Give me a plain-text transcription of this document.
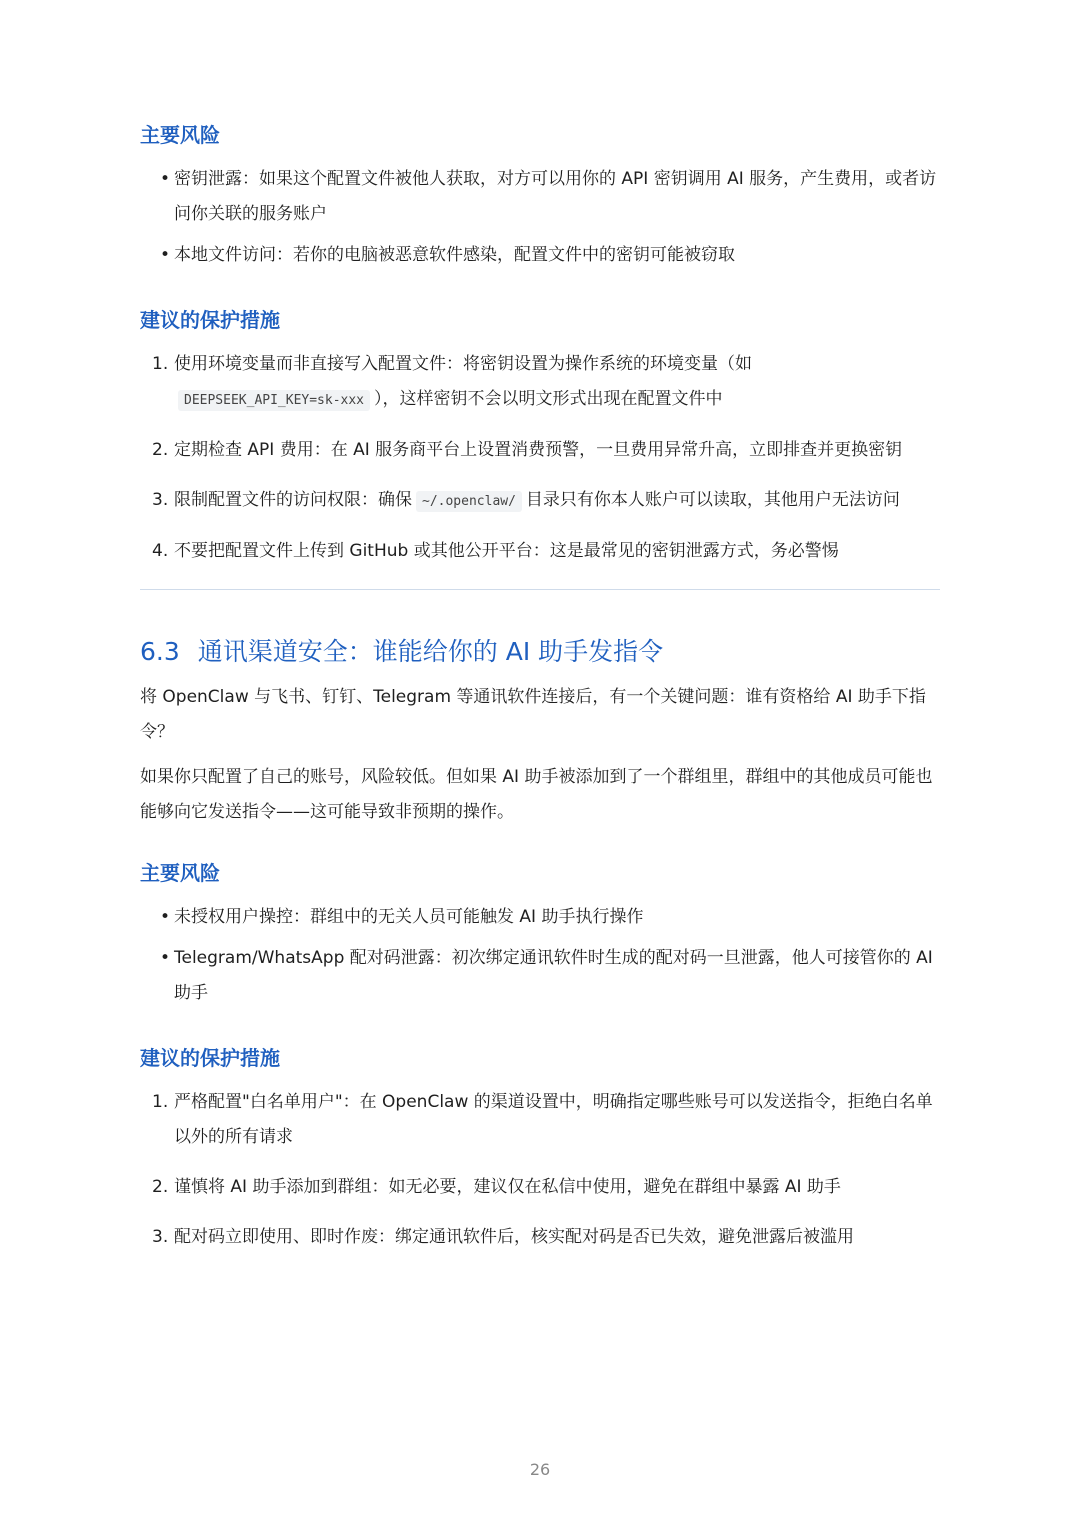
主要风险
• 密钥泄露：如果这个配置文件被他人获取，对方可以用你的 API 密钥调用 AI 服务，产生费用，或者访问你关联的服务账户
• 本地文件访问：若你的电脑被恶意软件感染，配置文件中的密钥可能被窃取
建议的保护措施
1. 使用环境变量而非直接写入配置文件：将密钥设置为操作系统的环境变量（如
DEEPSEEK_API_KEY=sk-xxx ），这样密钥不会以明文形式出现在配置文件中
2. 定期检查 API 费用：在 AI 服务商平台上设置消费预警，一旦费用异常升高，立即排查并更换密钥
3. 限制配置文件的访问权限：确保 ~/.openclaw/ 目录只有你本人账户可以读取，其他用户无法访问
4. 不要把配置文件上传到 GitHub 或其他公开平台：这是最常见的密钥泄露方式，务必警惕
6.3 通讯渠道安全：谁能给你的 AI 助手发指令

将 OpenClaw 与飞书、钉钉、Telegram 等通讯软件连接后，有一个关键问题：谁有资格给 AI 助手下指令？

如果你只配置了自己的账号，风险较低。但如果 AI 助手被添加到了一个群组里，群组中的其他成员可能也能够向它发送指令——这可能导致非预期的操作。

主要风险
• 未授权用户操控：群组中的无关人员可能触发 AI 助手执行操作
• Telegram/WhatsApp 配对码泄露：初次绑定通讯软件时生成的配对码一旦泄露，他人可接管你的 AI 助手
建议的保护措施
1. 严格配置"白名单用户"：在 OpenClaw 的渠道设置中，明确指定哪些账号可以发送指令，拒绝白名单以外的所有请求
2. 谨慎将 AI 助手添加到群组：如无必要，建议仅在私信中使用，避免在群组中暴露 AI 助手
3. 配对码立即使用、即时作废：绑定通讯软件后，核实配对码是否已失效，避免泄露后被滥用
26
